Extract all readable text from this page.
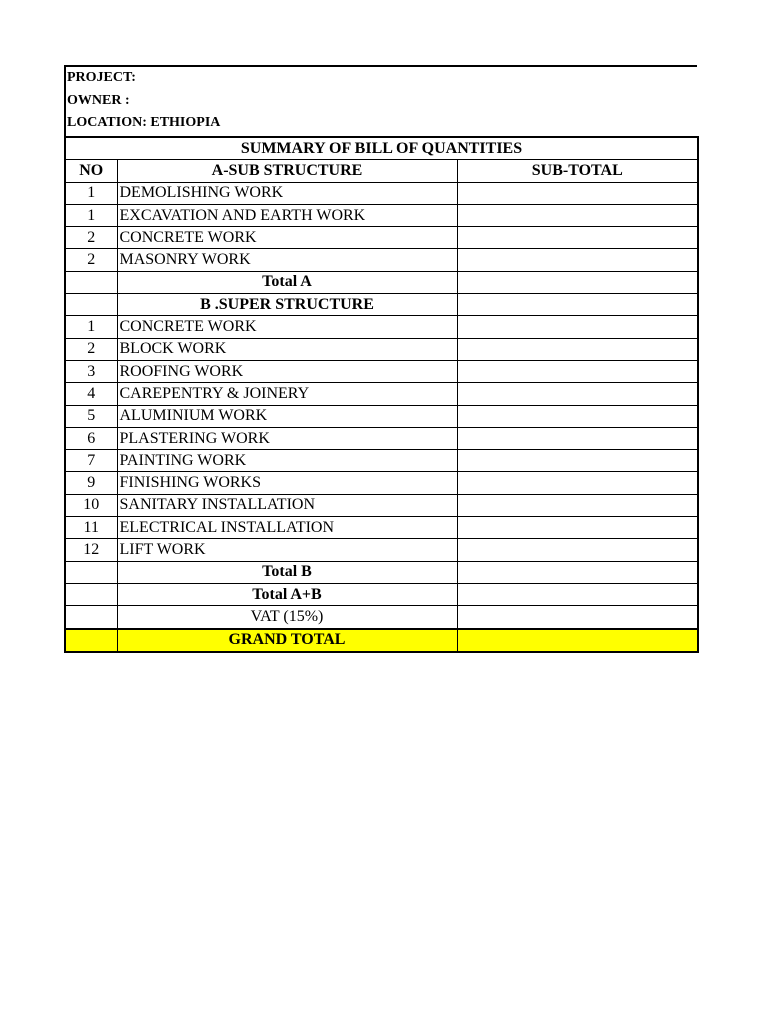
PROJECT:
OWNER :
LOCATION: ETHIOPIA
SUMMARY OF BILL OF QUANTITIES		
NO	A-SUB STRUCTURE	SUB-TOTAL
1	DEMOLISHING WORK	
1	EXCAVATION AND EARTH WORK	
2	CONCRETE WORK	
2	MASONRY WORK	
	Total A	
	B .SUPER STRUCTURE	
1	CONCRETE WORK	
2	BLOCK WORK	
3	ROOFING WORK	
4	CAREPENTRY & JOINERY	
5	ALUMINIUM WORK	
6	PLASTERING WORK	
7	PAINTING WORK	
9	FINISHING WORKS	
10	SANITARY INSTALLATION	
11	ELECTRICAL INSTALLATION	
12	LIFT WORK	
	Total B	
	Total A+B	
	VAT (15%)	
	GRAND TOTAL	
